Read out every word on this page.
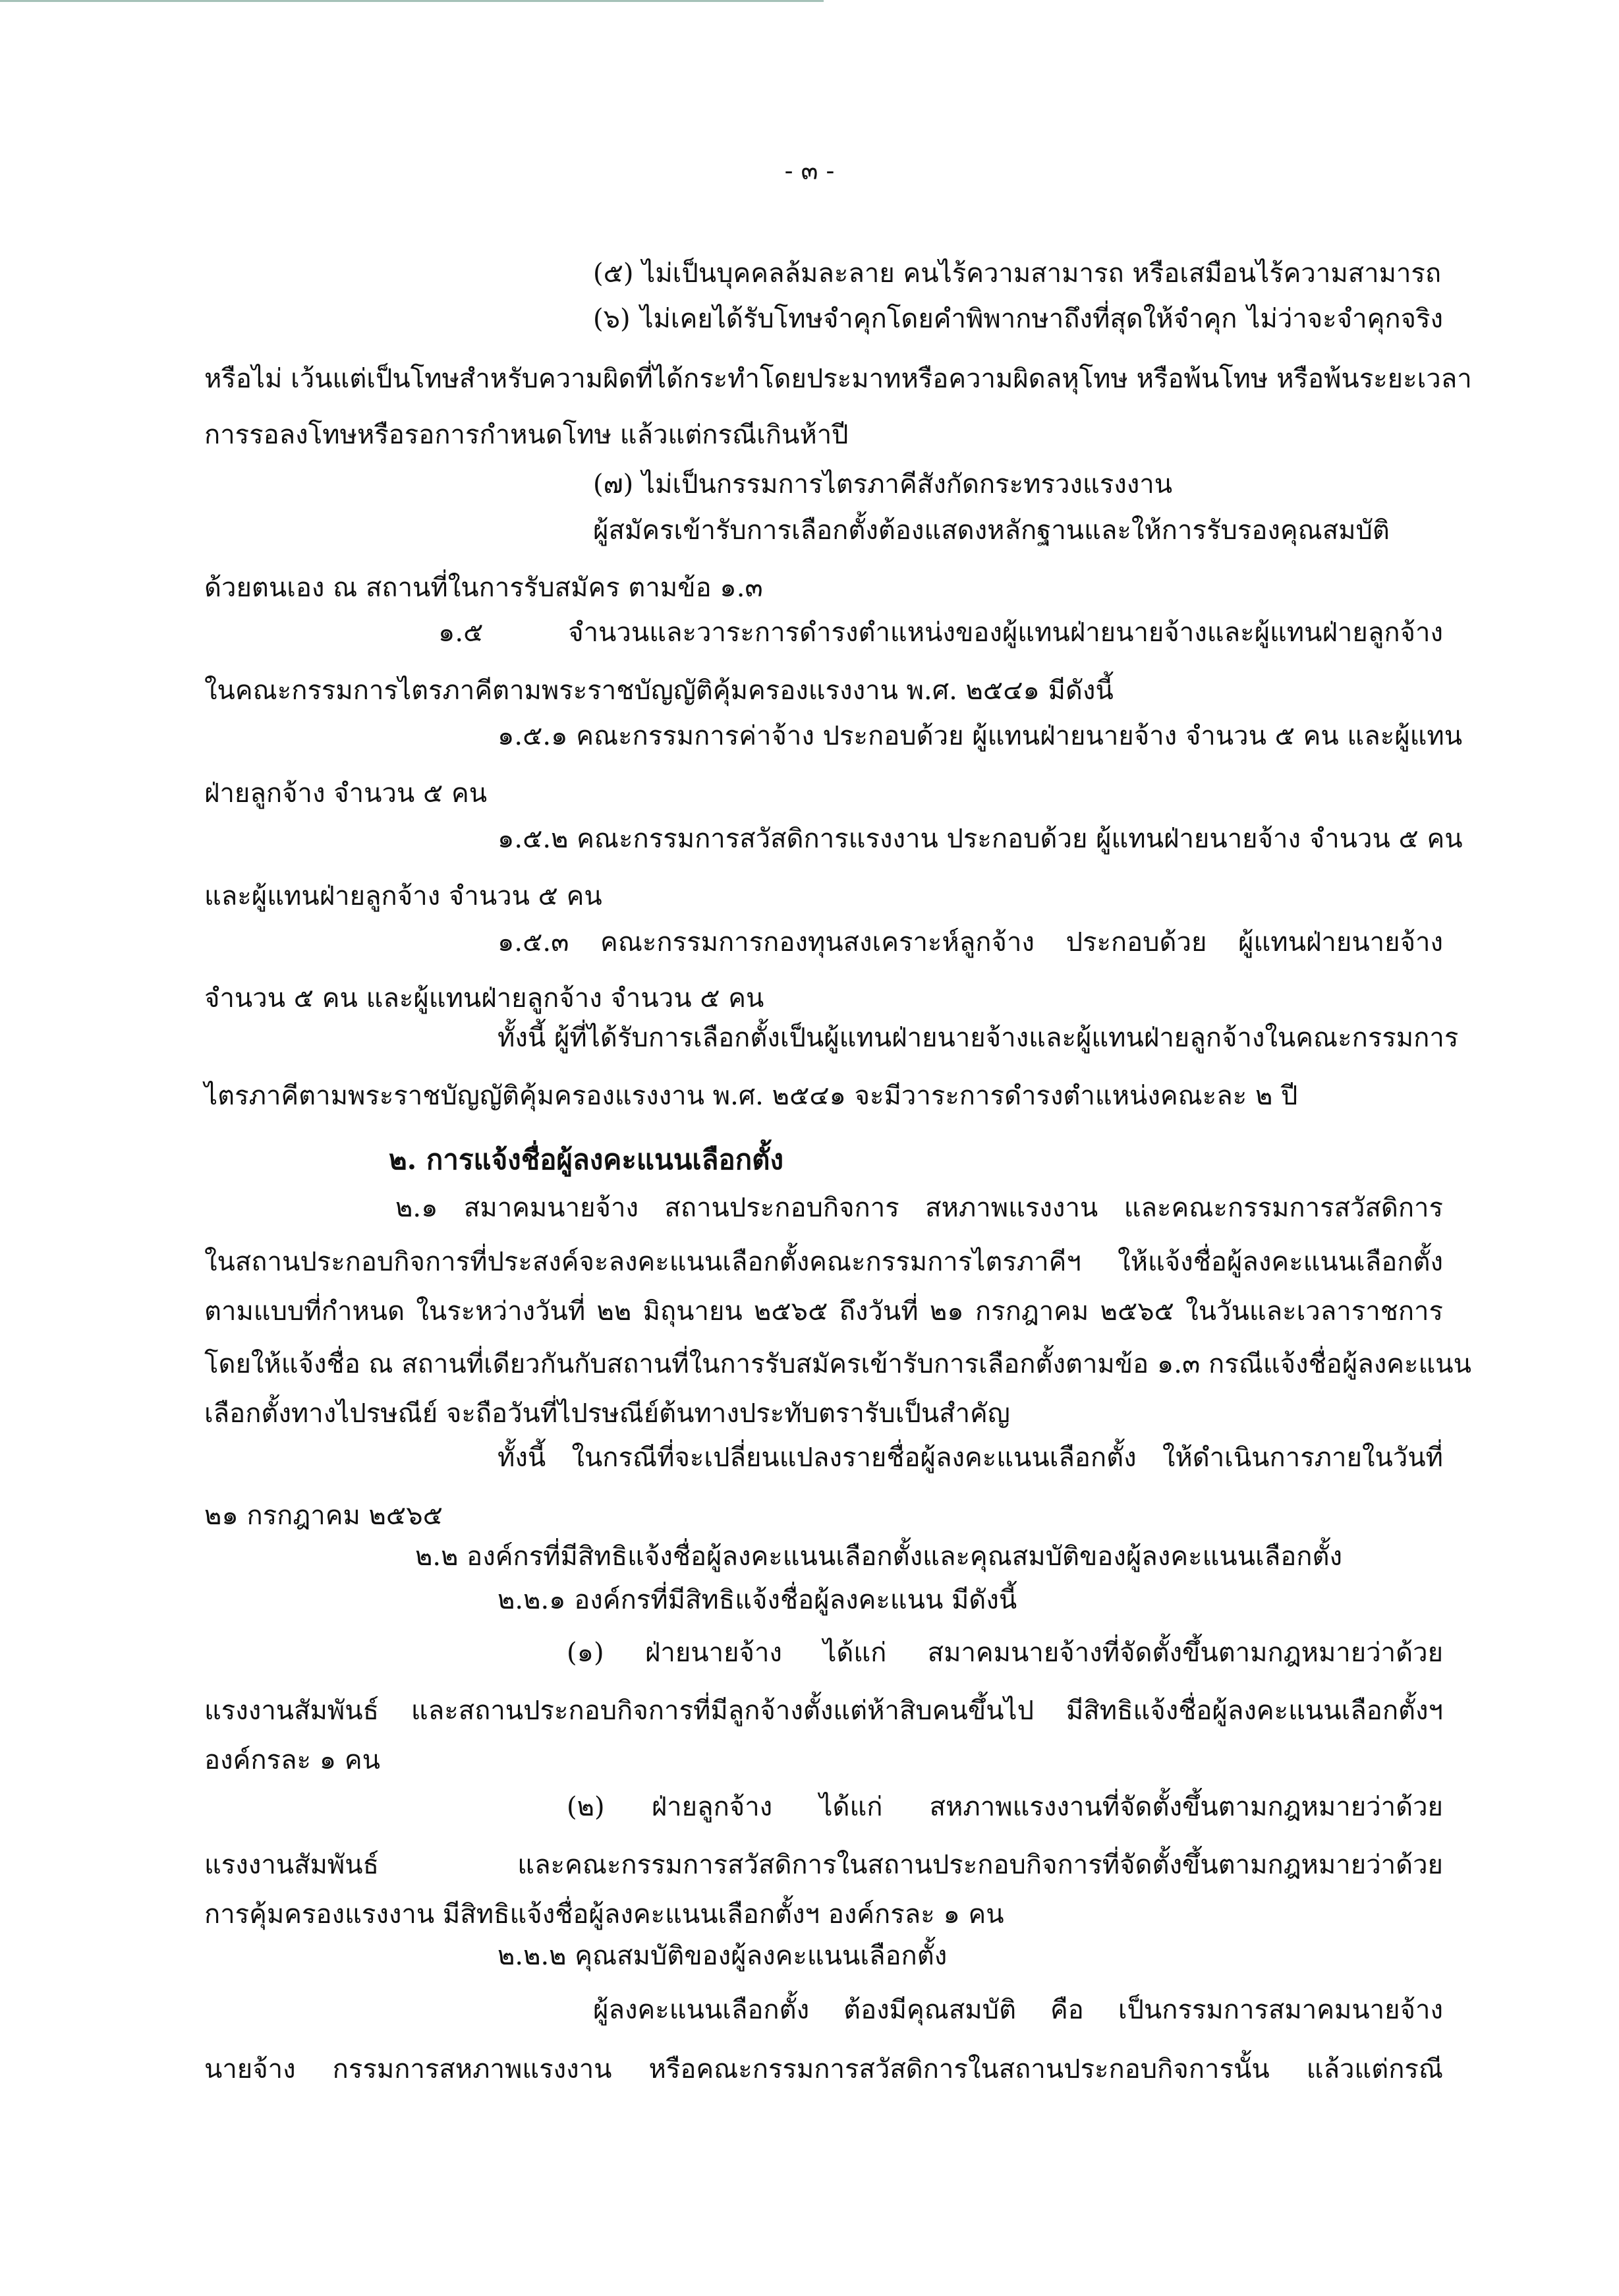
- ๓ -
(๕) ไม่เป็นบุคคลล้มละลาย คนไร้ความสามารถ หรือเสมือนไร้ความสามารถ
(๖) ไม่เคยได้รับโทษจำคุกโดยคำพิพากษาถึงที่สุดให้จำคุก ไม่ว่าจะจำคุกจริง
หรือไม่ เว้นแต่เป็นโทษสำหรับความผิดที่ได้กระทำโดยประมาทหรือความผิดลหุโทษ หรือพ้นโทษ หรือพ้นระยะเวลา
การรอลงโทษหรือรอการกำหนดโทษ แล้วแต่กรณีเกินห้าปี
(๗) ไม่เป็นกรรมการไตรภาคีสังกัดกระทรวงแรงงาน
ผู้สมัครเข้ารับการเลือกตั้งต้องแสดงหลักฐานและให้การรับรองคุณสมบัติ
ด้วยตนเอง ณ สถานที่ในการรับสมัคร ตามข้อ ๑.๓
๑.๕ จำนวนและวาระการดำรงตำแหน่งของผู้แทนฝ่ายนายจ้างและผู้แทนฝ่ายลูกจ้าง
ในคณะกรรมการไตรภาคีตามพระราชบัญญัติคุ้มครองแรงงาน พ.ศ. ๒๕๔๑ มีดังนี้
๑.๕.๑ คณะกรรมการค่าจ้าง ประกอบด้วย ผู้แทนฝ่ายนายจ้าง จำนวน ๕ คน และผู้แทน
ฝ่ายลูกจ้าง จำนวน ๕ คน
๑.๕.๒ คณะกรรมการสวัสดิการแรงงาน ประกอบด้วย ผู้แทนฝ่ายนายจ้าง จำนวน ๕ คน
และผู้แทนฝ่ายลูกจ้าง จำนวน ๕ คน
๑.๕.๓ คณะกรรมการกองทุนสงเคราะห์ลูกจ้าง ประกอบด้วย ผู้แทนฝ่ายนายจ้าง
จำนวน ๕ คน และผู้แทนฝ่ายลูกจ้าง จำนวน ๕ คน
ทั้งนี้ ผู้ที่ได้รับการเลือกตั้งเป็นผู้แทนฝ่ายนายจ้างและผู้แทนฝ่ายลูกจ้างในคณะกรรมการ
ไตรภาคีตามพระราชบัญญัติคุ้มครองแรงงาน พ.ศ. ๒๕๔๑ จะมีวาระการดำรงตำแหน่งคณะละ ๒ ปี
๒. การแจ้งชื่อผู้ลงคะแนนเลือกตั้ง
๒.๑ สมาคมนายจ้าง สถานประกอบกิจการ สหภาพแรงงาน และคณะกรรมการสวัสดิการ
ในสถานประกอบกิจการที่ประสงค์จะลงคะแนนเลือกตั้งคณะกรรมการไตรภาคีฯ ให้แจ้งชื่อผู้ลงคะแนนเลือกตั้ง
ตามแบบที่กำหนด ในระหว่างวันที่ ๒๒ มิถุนายน ๒๕๖๕ ถึงวันที่ ๒๑ กรกฎาคม ๒๕๖๕ ในวันและเวลาราชการ
โดยให้แจ้งชื่อ ณ สถานที่เดียวกันกับสถานที่ในการรับสมัครเข้ารับการเลือกตั้งตามข้อ ๑.๓ กรณีแจ้งชื่อผู้ลงคะแนน
เลือกตั้งทางไปรษณีย์ จะถือวันที่ไปรษณีย์ต้นทางประทับตรารับเป็นสำคัญ
ทั้งนี้ ในกรณีที่จะเปลี่ยนแปลงรายชื่อผู้ลงคะแนนเลือกตั้ง ให้ดำเนินการภายในวันที่
๒๑ กรกฎาคม ๒๕๖๕
๒.๒ องค์กรที่มีสิทธิแจ้งชื่อผู้ลงคะแนนเลือกตั้งและคุณสมบัติของผู้ลงคะแนนเลือกตั้ง
๒.๒.๑ องค์กรที่มีสิทธิแจ้งชื่อผู้ลงคะแนน มีดังนี้
(๑) ฝ่ายนายจ้าง ได้แก่ สมาคมนายจ้างที่จัดตั้งขึ้นตามกฎหมายว่าด้วย
แรงงานสัมพันธ์ และสถานประกอบกิจการที่มีลูกจ้างตั้งแต่ห้าสิบคนขึ้นไป มีสิทธิแจ้งชื่อผู้ลงคะแนนเลือกตั้งฯ
องค์กรละ ๑ คน
(๒) ฝ่ายลูกจ้าง ได้แก่ สหภาพแรงงานที่จัดตั้งขึ้นตามกฎหมายว่าด้วย
แรงงานสัมพันธ์ และคณะกรรมการสวัสดิการในสถานประกอบกิจการที่จัดตั้งขึ้นตามกฎหมายว่าด้วย
การคุ้มครองแรงงาน มีสิทธิแจ้งชื่อผู้ลงคะแนนเลือกตั้งฯ องค์กรละ ๑ คน
๒.๒.๒ คุณสมบัติของผู้ลงคะแนนเลือกตั้ง
ผู้ลงคะแนนเลือกตั้ง ต้องมีคุณสมบัติ คือ เป็นกรรมการสมาคมนายจ้าง
นายจ้าง กรรมการสหภาพแรงงาน หรือคณะกรรมการสวัสดิการในสถานประกอบกิจการนั้น แล้วแต่กรณี
